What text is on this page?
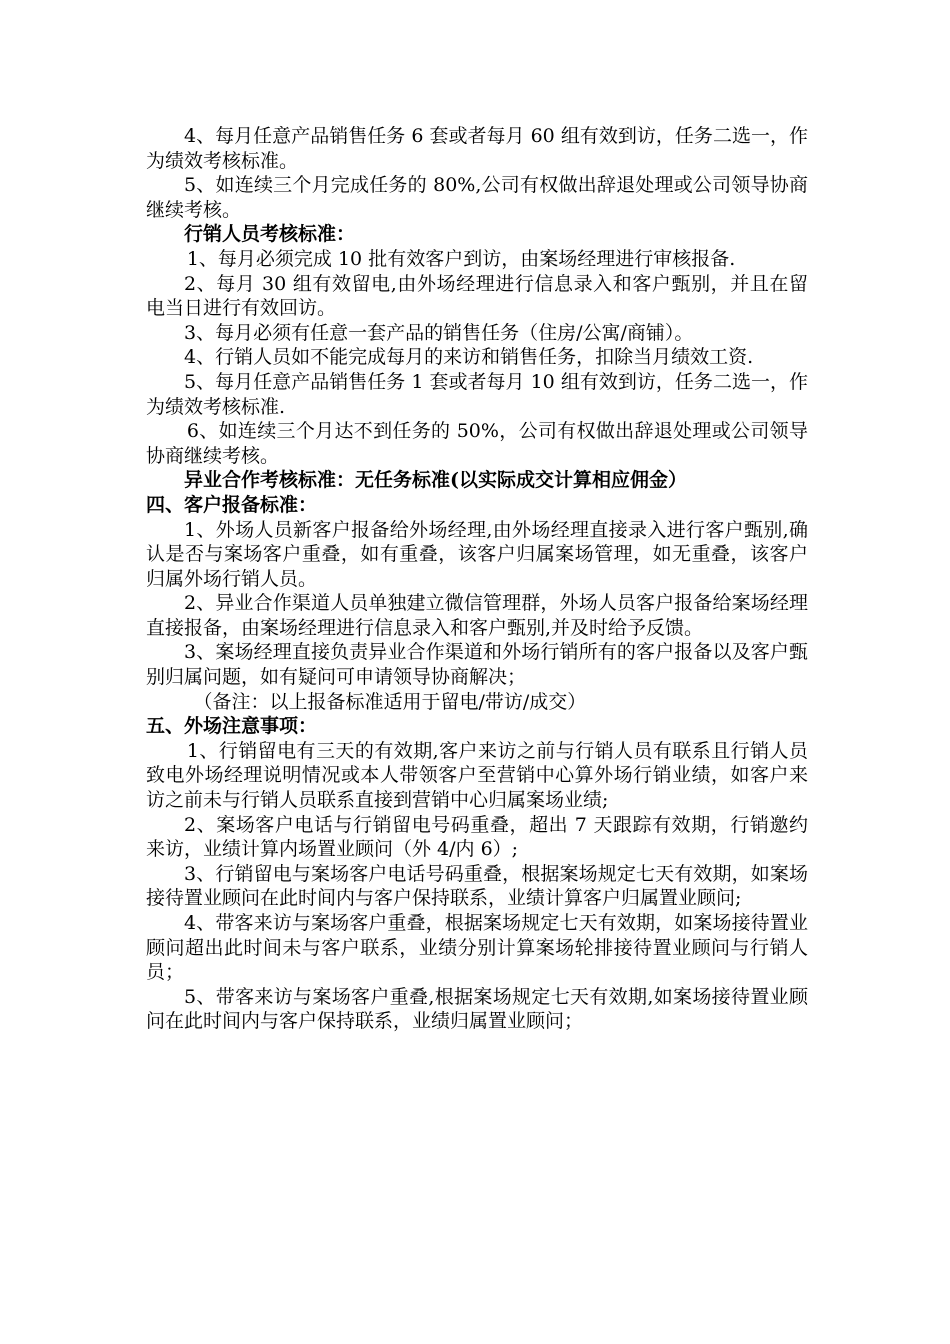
4、每月任意产品销售任务 6 套或者每月 60 组有效到访，任务二选一，作为绩效考核标准。

5、如连续三个月完成任务的 80%,公司有权做出辞退处理或公司领导协商继续考核。

行销人员考核标准：

1、每月必须完成 10 批有效客户到访，由案场经理进行审核报备.

2、每月 30 组有效留电,由外场经理进行信息录入和客户甄别，并且在留电当日进行有效回访。

3、每月必须有任意一套产品的销售任务（住房/公寓/商铺）。

4、行销人员如不能完成每月的来访和销售任务，扣除当月绩效工资.

5、每月任意产品销售任务 1 套或者每月 10 组有效到访，任务二选一，作为绩效考核标准.

6、如连续三个月达不到任务的 50%，公司有权做出辞退处理或公司领导协商继续考核。

异业合作考核标准：无任务标准(以实际成交计算相应佣金）

四、客户报备标准：

1、外场人员新客户报备给外场经理,由外场经理直接录入进行客户甄别,确认是否与案场客户重叠，如有重叠，该客户归属案场管理，如无重叠，该客户归属外场行销人员。

2、异业合作渠道人员单独建立微信管理群，外场人员客户报备给案场经理直接报备，由案场经理进行信息录入和客户甄别,并及时给予反馈。

3、案场经理直接负责异业合作渠道和外场行销所有的客户报备以及客户甄别归属问题，如有疑问可申请领导协商解决；

（备注：以上报备标准适用于留电/带访/成交）

五、外场注意事项：

1、行销留电有三天的有效期,客户来访之前与行销人员有联系且行销人员致电外场经理说明情况或本人带领客户至营销中心算外场行销业绩，如客户来访之前未与行销人员联系直接到营销中心归属案场业绩;

2、案场客户电话与行销留电号码重叠，超出 7 天跟踪有效期，行销邀约来访，业绩计算内场置业顾问（外 4/内 6）;

3、行销留电与案场客户电话号码重叠，根据案场规定七天有效期，如案场接待置业顾问在此时间内与客户保持联系，业绩计算客户归属置业顾问;

4、带客来访与案场客户重叠，根据案场规定七天有效期，如案场接待置业顾问超出此时间未与客户联系，业绩分别计算案场轮排接待置业顾问与行销人员；

5、带客来访与案场客户重叠,根据案场规定七天有效期,如案场接待置业顾问在此时间内与客户保持联系，业绩归属置业顾问；
